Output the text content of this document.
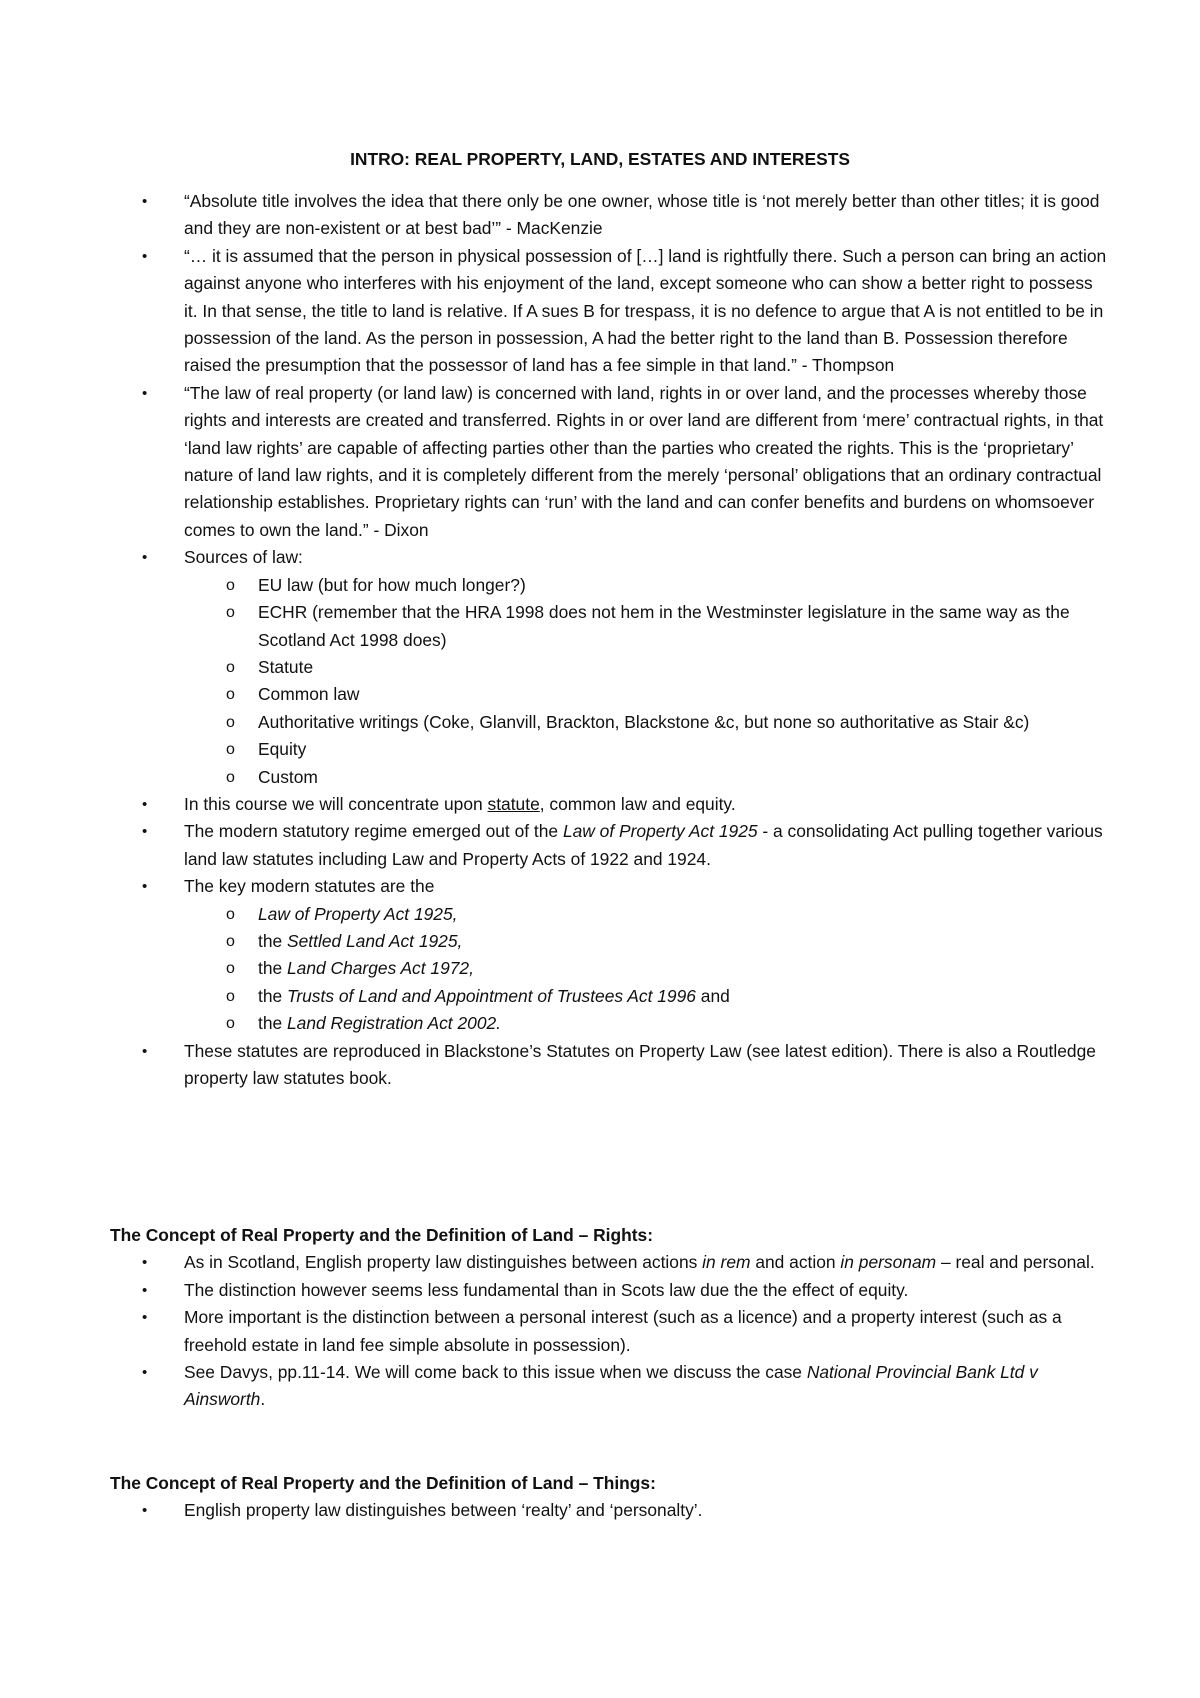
INTRO: REAL PROPERTY, LAND, ESTATES AND INTERESTS
• “Absolute title involves the idea that there only be one owner, whose title is ‘not merely better than other titles; it is good and they are non-existent or at best bad’” - MacKenzie

• “… it is assumed that the person in physical possession of […] land is rightfully there. Such a person can bring an action against anyone who interferes with his enjoyment of the land, except someone who can show a better right to possess it. In that sense, the title to land is relative. If A sues B for trespass, it is no defence to argue that A is not entitled to be in possession of the land. As the person in possession, A had the better right to the land than B. Possession therefore raised the presumption that the possessor of land has a fee simple in that land.” - Thompson

• “The law of real property (or land law) is concerned with land, rights in or over land, and the processes whereby those rights and interests are created and transferred. Rights in or over land are different from ‘mere’ contractual rights, in that ‘land law rights’ are capable of affecting parties other than the parties who created the rights. This is the ‘proprietary’ nature of land law rights, and it is completely different from the merely ‘personal’ obligations that an ordinary contractual relationship establishes. Proprietary rights can ‘run’ with the land and can confer benefits and burdens on whomsoever comes to own the land.” - Dixon

• Sources of law:

o EU law (but for how much longer?)
o ECHR (remember that the HRA 1998 does not hem in the Westminster legislature in the same way as the Scotland Act 1998 does)
o Statute
o Common law
o Authoritative writings (Coke, Glanvill, Brackton, Blackstone &c, but none so authoritative as Stair &c)
o Equity
o Custom
• In this course we will concentrate upon statute, common law and equity.

• The modern statutory regime emerged out of the Law of Property Act 1925 - a consolidating Act pulling together various land law statutes including Law and Property Acts of 1922 and 1924.

• The key modern statutes are the

o Law of Property Act 1925,
o the Settled Land Act 1925,
o the Land Charges Act 1972,
o the Trusts of Land and Appointment of Trustees Act 1996 and
o the Land Registration Act 2002.
• These statutes are reproduced in Blackstone’s Statutes on Property Law (see latest edition). There is also a Routledge property law statutes book.

The Concept of Real Property and the Definition of Land – Rights:

• As in Scotland, English property law distinguishes between actions in rem and action in personam – real and personal.

• The distinction however seems less fundamental than in Scots law due the the effect of equity.

• More important is the distinction between a personal interest (such as a licence) and a property interest (such as a freehold estate in land fee simple absolute in possession).

• See Davys, pp.11-14. We will come back to this issue when we discuss the case National Provincial Bank Ltd v Ainsworth.

The Concept of Real Property and the Definition of Land – Things:

• English property law distinguishes between ‘realty’ and ‘personalty’.
